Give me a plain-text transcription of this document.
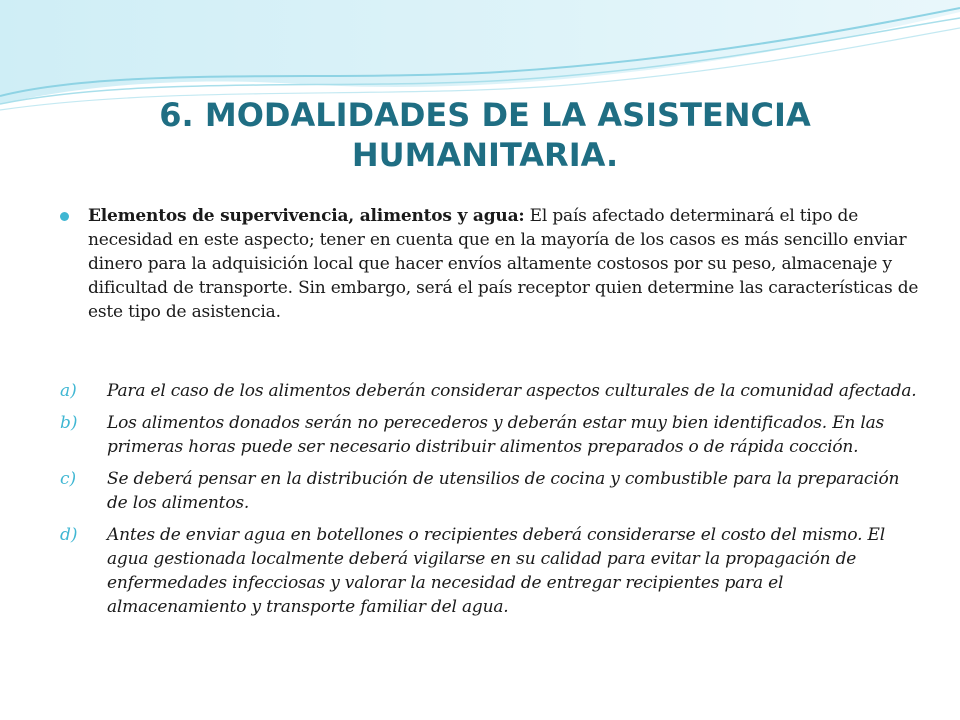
6. MODALIDADES DE LA ASISTENCIA HUMANITARIA.
Elementos de supervivencia, alimentos y agua: El país afectado determinará el tipo de necesidad en este aspecto; tener en cuenta que en la mayoría de los casos es más sencillo enviar dinero para la adquisición local que hacer envíos altamente costosos por su peso, almacenaje y dificultad de transporte. Sin embargo, será el país receptor quien determine las características de este tipo de asistencia.
a) Para el caso de los alimentos deberán considerar aspectos culturales de la comunidad afectada.
b) Los alimentos donados serán no perecederos y deberán estar muy bien identificados. En las primeras horas puede ser necesario distribuir alimentos preparados o de rápida cocción.
c) Se deberá pensar en la distribución de utensilios de cocina y combustible para la preparación de los alimentos.
d) Antes de enviar agua en botellones o recipientes deberá considerarse el costo del mismo. El agua gestionada localmente deberá vigilarse en su calidad para evitar la propagación de enfermedades infecciosas y valorar la necesidad de entregar recipientes para el almacenamiento y transporte familiar del agua.
